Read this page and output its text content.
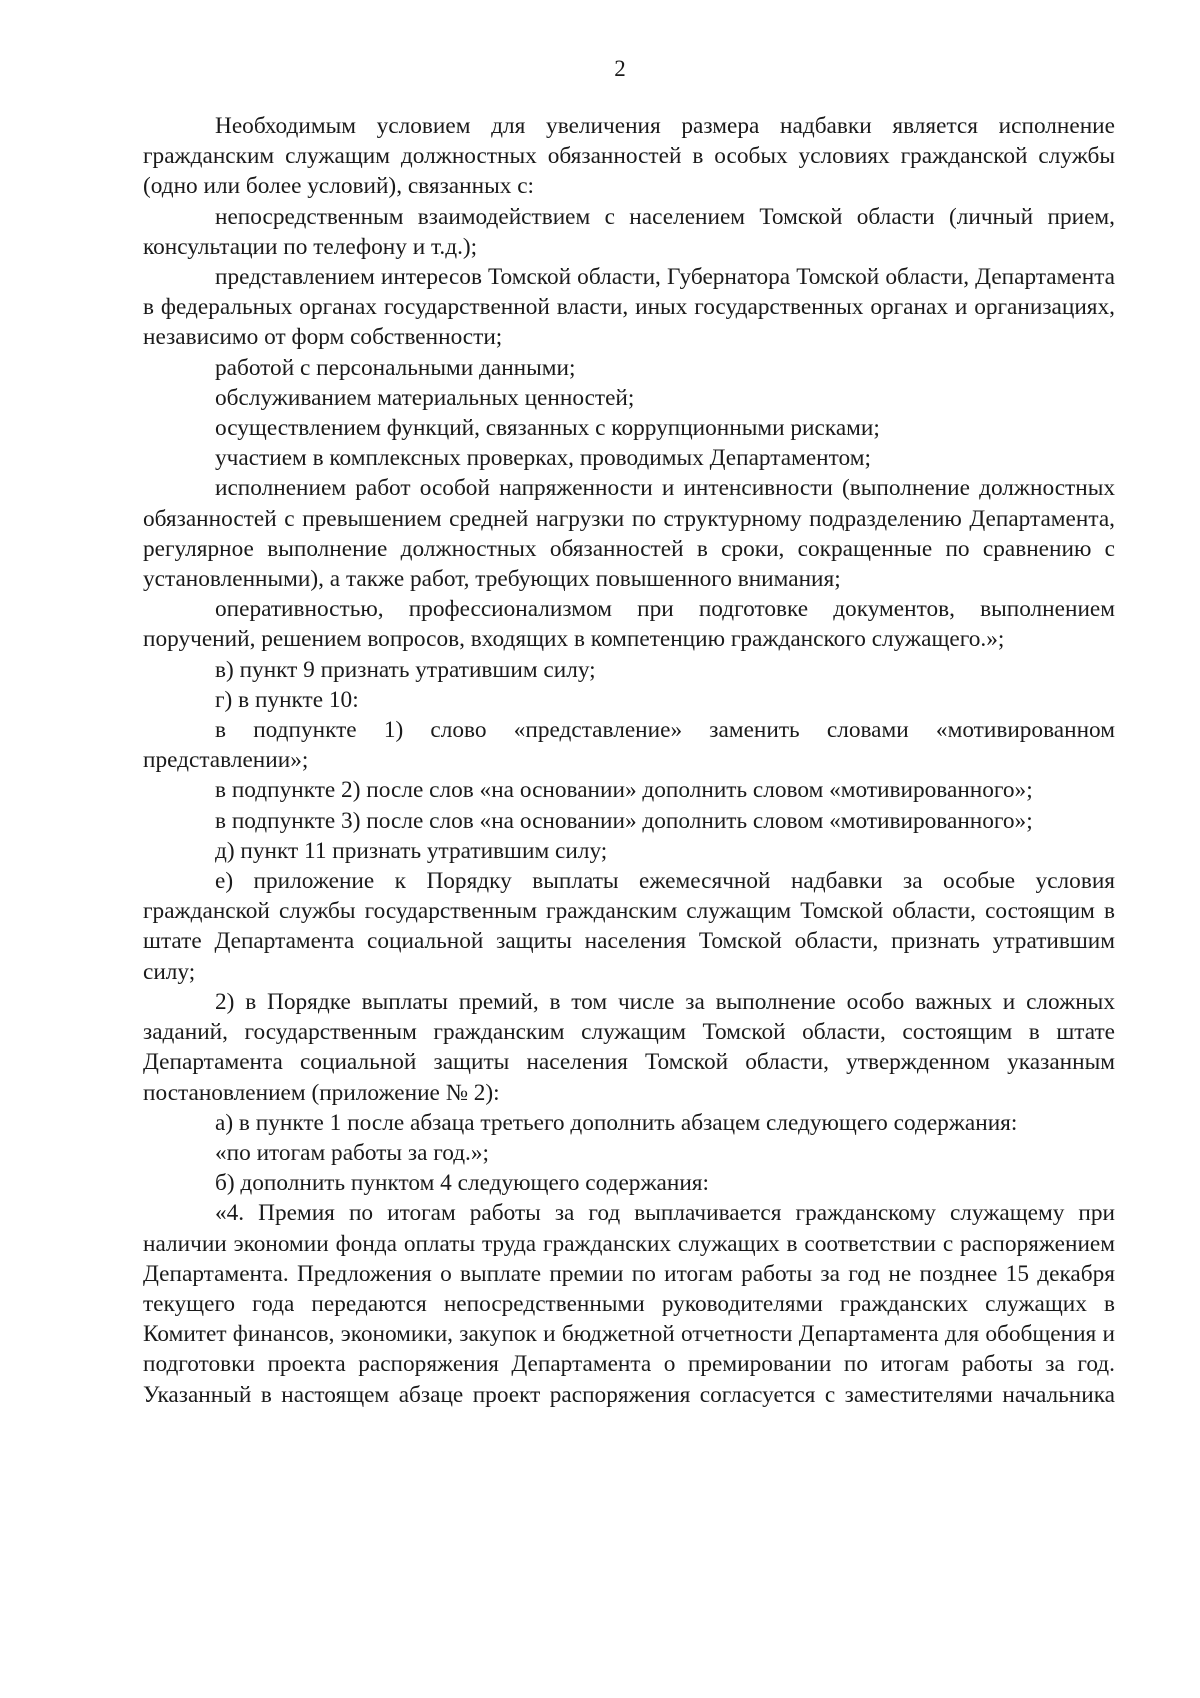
2

Необходимым условием для увеличения размера надбавки является исполнение гражданским служащим должностных обязанностей в особых условиях гражданской службы (одно или более условий), связанных с:

непосредственным взаимодействием с населением Томской области (личный прием, консультации по телефону и т.д.);

представлением интересов Томской области, Губернатора Томской области, Департамента в федеральных органах государственной власти, иных государственных органах и организациях, независимо от форм собственности;

работой с персональными данными;

обслуживанием материальных ценностей;

осуществлением функций, связанных с коррупционными рисками;

участием в комплексных проверках, проводимых Департаментом;

исполнением работ особой напряженности и интенсивности (выполнение должностных обязанностей с превышением средней нагрузки по структурному подразделению Департамента, регулярное выполнение должностных обязанностей в сроки, сокращенные по сравнению с установленными), а также работ, требующих повышенного внимания;

оперативностью, профессионализмом при подготовке документов, выполнением поручений, решением вопросов, входящих в компетенцию гражданского служащего.»;

в) пункт 9 признать утратившим силу;

г) в пункте 10:

в подпункте 1) слово «представление» заменить словами «мотивированном представлении»;

в подпункте 2) после слов «на основании» дополнить словом «мотивированного»;

в подпункте 3) после слов «на основании» дополнить словом «мотивированного»;

д) пункт 11 признать утратившим силу;

е) приложение к Порядку выплаты ежемесячной надбавки за особые условия гражданской службы государственным гражданским служащим Томской области, состоящим в штате Департамента социальной защиты населения Томской области, признать утратившим силу;

2) в Порядке выплаты премий, в том числе за выполнение особо важных и сложных заданий, государственным гражданским служащим Томской области, состоящим в штате Департамента социальной защиты населения Томской области, утвержденном указанным постановлением (приложение № 2):

а) в пункте 1 после абзаца третьего дополнить абзацем следующего содержания:

«по итогам работы за год.»;

б) дополнить пунктом 4 следующего содержания:

«4. Премия по итогам работы за год выплачивается гражданскому служащему при наличии экономии фонда оплаты труда гражданских служащих в соответствии с распоряжением Департамента. Предложения о выплате премии по итогам работы за год не позднее 15 декабря текущего года передаются непосредственными руководителями гражданских служащих в Комитет финансов, экономики, закупок и бюджетной отчетности Департамента для обобщения и подготовки проекта распоряжения Департамента о премировании по итогам работы за год. Указанный в настоящем абзаце проект распоряжения согласуется с заместителями начальника
